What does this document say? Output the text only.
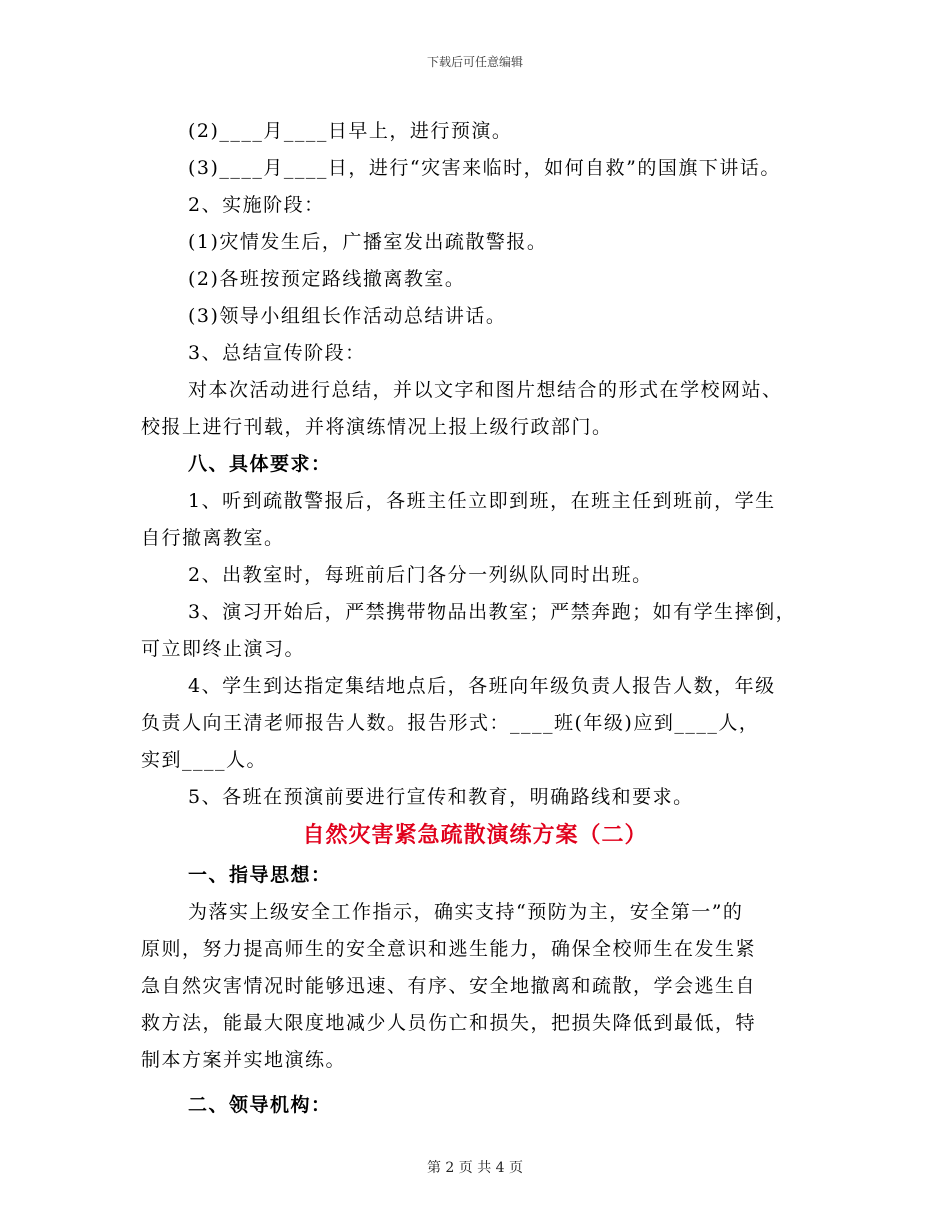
下载后可任意编辑
(2)____月____日早上，进行预演。
(3)____月____日，进行“灾害来临时，如何自救”的国旗下讲话。
2、实施阶段：
(1)灾情发生后，广播室发出疏散警报。
(2)各班按预定路线撤离教室。
(3)领导小组组长作活动总结讲话。
3、总结宣传阶段：
对本次活动进行总结，并以文字和图片想结合的形式在学校网站、
校报上进行刊载，并将演练情况上报上级行政部门。
八、具体要求：
1、听到疏散警报后，各班主任立即到班，在班主任到班前，学生
自行撤离教室。
2、出教室时，每班前后门各分一列纵队同时出班。
3、演习开始后，严禁携带物品出教室；严禁奔跑；如有学生摔倒，
可立即终止演习。
4、学生到达指定集结地点后，各班向年级负责人报告人数，年级
负责人向王清老师报告人数。报告形式：____班(年级)应到____人，
实到____人。
5、各班在预演前要进行宣传和教育，明确路线和要求。
自然灾害紧急疏散演练方案（二）
一、指导思想：
为落实上级安全工作指示，确实支持“预防为主，安全第一”的
原则，努力提高师生的安全意识和逃生能力，确保全校师生在发生紧
急自然灾害情况时能够迅速、有序、安全地撤离和疏散，学会逃生自
救方法，能最大限度地减少人员伤亡和损失，把损失降低到最低，特
制本方案并实地演练。
二、领导机构：
第 2 页 共 4 页
